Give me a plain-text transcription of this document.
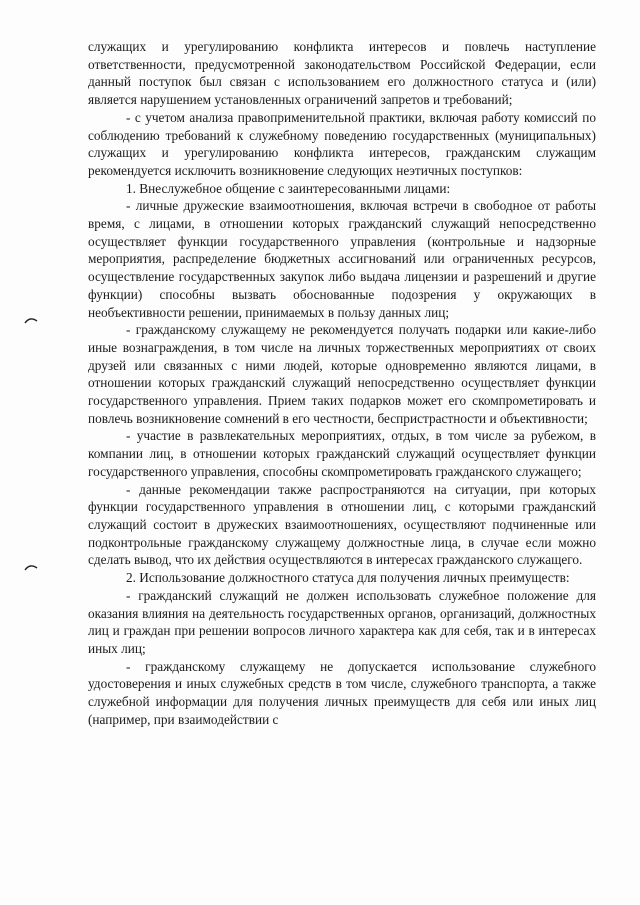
служащих и урегулированию конфликта интересов и повлечь наступление ответственности, предусмотренной законодательством Российской Федерации, если данный поступок был связан с использованием его должностного статуса и (или) является нарушением установленных ограничений запретов и требований;

- с учетом анализа правоприменительной практики, включая работу комиссий по соблюдению требований к служебному поведению государственных (муниципальных) служащих и урегулированию конфликта интересов, гражданским служащим рекомендуется исключить возникновение следующих неэтичных поступков:

1. Внеслужебное общение с заинтересованными лицами:

- личные дружеские взаимоотношения, включая встречи в свободное от работы время, с лицами, в отношении которых гражданский служащий непосредственно осуществляет функции государственного управления (контрольные и надзорные мероприятия, распределение бюджетных ассигнований или ограниченных ресурсов, осуществление государственных закупок либо выдача лицензии и разрешений и другие функции) способны вызвать обоснованные подозрения у окружающих в необъективности решении, принимаемых в пользу данных лиц;

- гражданскому служащему не рекомендуется получать подарки или какие-либо иные вознаграждения, в том числе на личных торжественных мероприятиях от своих друзей или связанных с ними людей, которые одновременно являются лицами, в отношении которых гражданский служащий непосредственно осуществляет функции государственного управления. Прием таких подарков может его скомпрометировать и повлечь возникновение сомнений в его честности, беспристрастности и объективности;

- участие в развлекательных мероприятиях, отдых, в том числе за рубежом, в компании лиц, в отношении которых гражданский служащий осуществляет функции государственного управления, способны скомпрометировать гражданского служащего;

- данные рекомендации также распространяются на ситуации, при которых функции государственного управления в отношении лиц, с которыми гражданский служащий состоит в дружеских взаимоотношениях, осуществляют подчиненные или подконтрольные гражданскому служащему должностные лица, в случае если можно сделать вывод, что их действия осуществляются в интересах гражданского служащего.

2. Использование должностного статуса для получения личных преимуществ:

- гражданский служащий не должен использовать служебное положение для оказания влияния на деятельность государственных органов, организаций, должностных лиц и граждан при решении вопросов личного характера как для себя, так и в интересах иных лиц;

- гражданскому служащему не допускается использование служебного удостоверения и иных служебных средств в том числе, служебного транспорта, а также служебной информации для получения личных преимуществ для себя или иных лиц (например, при взаимодействии с
